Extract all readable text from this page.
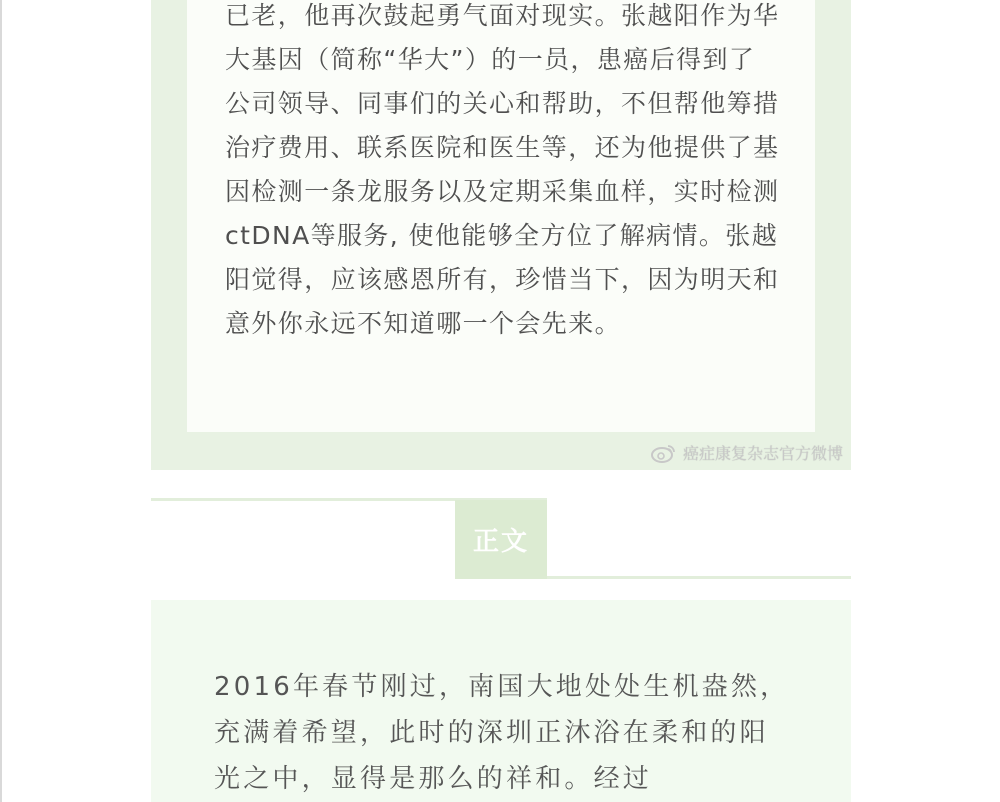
已老，他再次鼓起勇气面对现实。张越阳作为华大基因（简称“华大”）的一员，患癌后得到了公司领导、同事们的关心和帮助，不但帮他筹措治疗费用、联系医院和医生等，还为他提供了基因检测一条龙服务以及定期采集血样，实时检测ctDNA等服务, 使他能够全方位了解病情。张越阳觉得，应该感恩所有，珍惜当下，因为明天和意外你永远不知道哪一个会先来。

癌症康复杂志官方微博
正文

2016年春节刚过，南国大地处处生机盎然，充满着希望，此时的深圳正沐浴在柔和的阳光之中，显得是那么的祥和。经过
